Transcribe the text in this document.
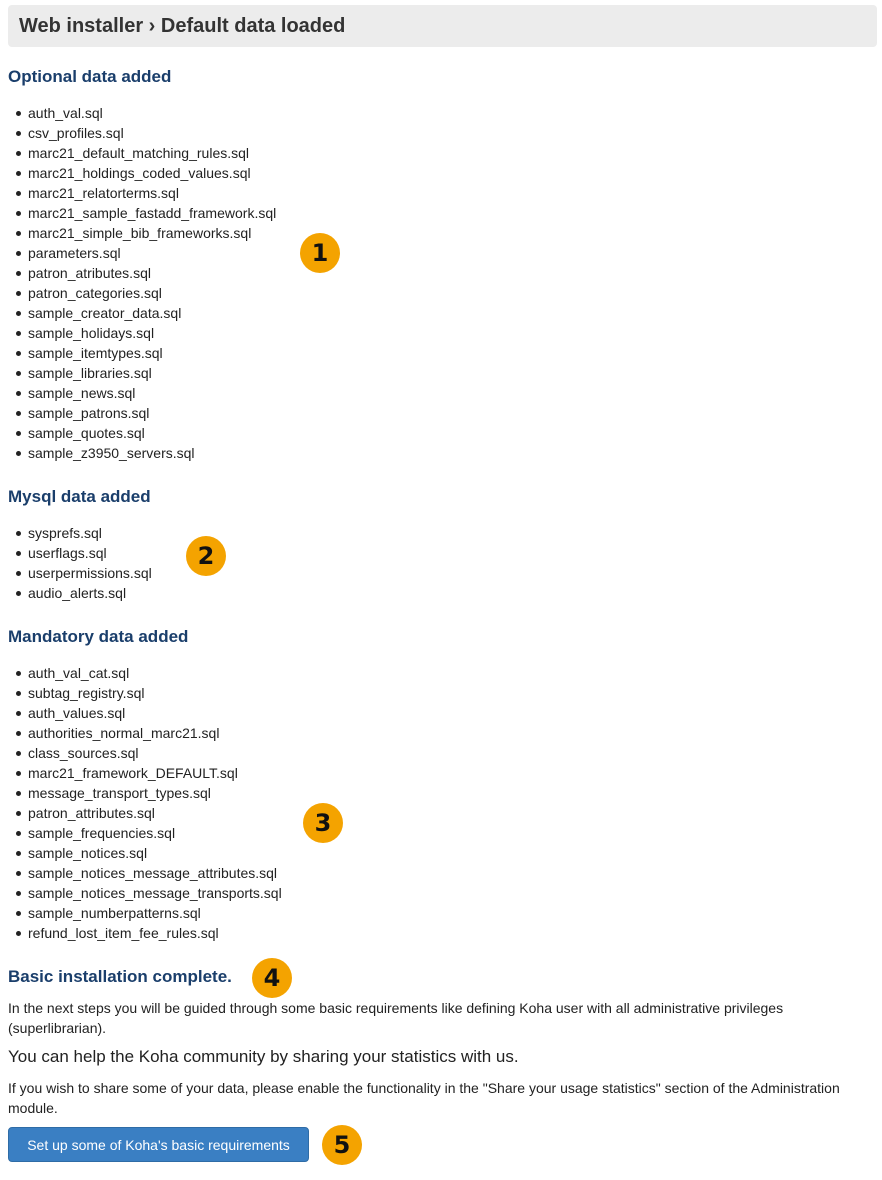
Web installer › Default data loaded
Optional data added
auth_val.sql
csv_profiles.sql
marc21_default_matching_rules.sql
marc21_holdings_coded_values.sql
marc21_relatorterms.sql
marc21_sample_fastadd_framework.sql
marc21_simple_bib_frameworks.sql
parameters.sql
patron_atributes.sql
patron_categories.sql
sample_creator_data.sql
sample_holidays.sql
sample_itemtypes.sql
sample_libraries.sql
sample_news.sql
sample_patrons.sql
sample_quotes.sql
sample_z3950_servers.sql
Mysql data added
sysprefs.sql
userflags.sql
userpermissions.sql
audio_alerts.sql
Mandatory data added
auth_val_cat.sql
subtag_registry.sql
auth_values.sql
authorities_normal_marc21.sql
class_sources.sql
marc21_framework_DEFAULT.sql
message_transport_types.sql
patron_attributes.sql
sample_frequencies.sql
sample_notices.sql
sample_notices_message_attributes.sql
sample_notices_message_transports.sql
sample_numberpatterns.sql
refund_lost_item_fee_rules.sql
Basic installation complete.

In the next steps you will be guided through some basic requirements like defining Koha user with all administrative privileges (superlibrarian).

You can help the Koha community by sharing your statistics with us.

If you wish to share some of your data, please enable the functionality in the "Share your usage statistics" section of the Administration module.

Set up some of Koha's basic requirements
1
2
3
4
5
